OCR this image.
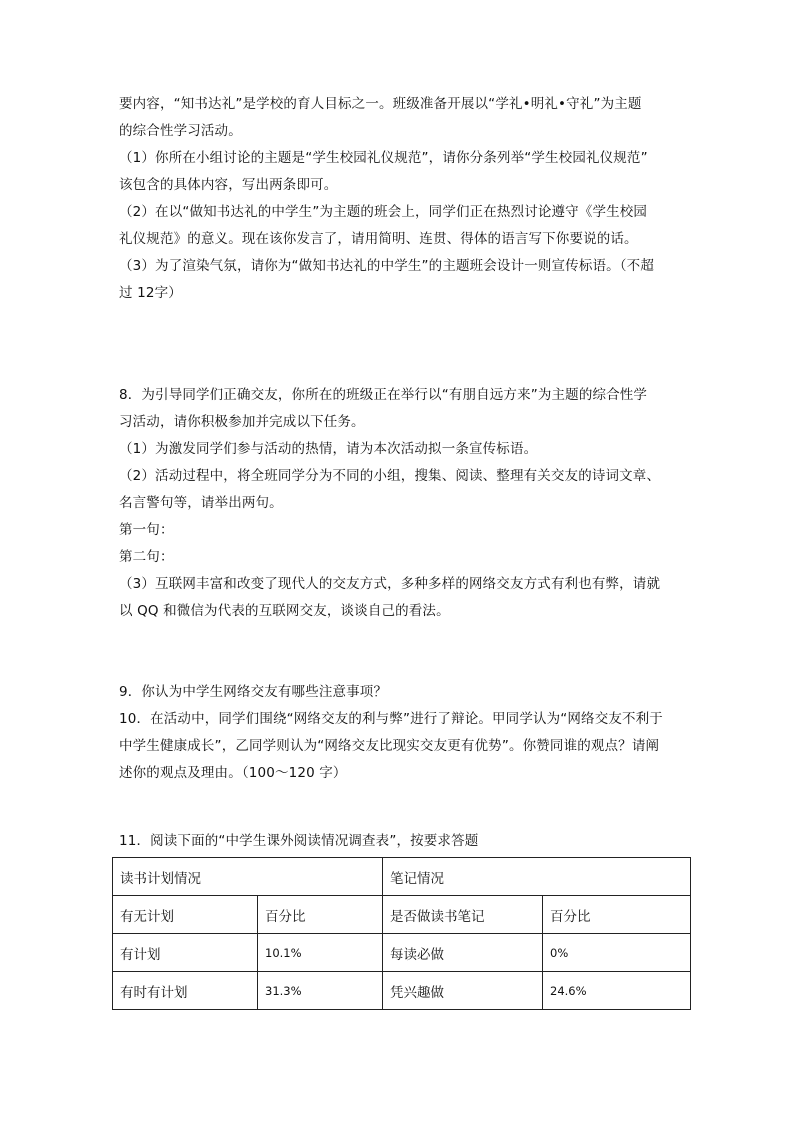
要内容，“知书达礼”是学校的育人目标之一。班级准备开展以“学礼•明礼•守礼”为主题

的综合性学习活动。

（1）你所在小组讨论的主题是“学生校园礼仪规范”，请你分条列举“学生校园礼仪规范”

该包含的具体内容，写出两条即可。

（2）在以“做知书达礼的中学生”为主题的班会上，同学们正在热烈讨论遵守《学生校园

礼仪规范》的意义。现在该你发言了，请用简明、连贯、得体的语言写下你要说的话。

（3）为了渲染气氛，请你为“做知书达礼的中学生”的主题班会设计一则宣传标语。（不超

过 12字）

8．为引导同学们正确交友，你所在的班级正在举行以“有朋自远方来”为主题的综合性学

习活动，请你积极参加并完成以下任务。

（1）为激发同学们参与活动的热情，请为本次活动拟一条宣传标语。

（2）活动过程中，将全班同学分为不同的小组，搜集、阅读、整理有关交友的诗词文章、

名言警句等，请举出两句。

第一句：

第二句：

（3）互联网丰富和改变了现代人的交友方式，多种多样的网络交友方式有利也有弊，请就

以 QQ 和微信为代表的互联网交友，谈谈自己的看法。

9．你认为中学生网络交友有哪些注意事项？

10．在活动中，同学们围绕“网络交友的利与弊”进行了辩论。甲同学认为“网络交友不利于

中学生健康成长”，乙同学则认为“网络交友比现实交友更有优势”。你赞同谁的观点？请阐

述你的观点及理由。（100～120 字）

11．阅读下面的“中学生课外阅读情况调查表”，按要求答题

读书计划情况		笔记情况	
有无计划	百分比	是否做读书笔记	百分比
有计划	10.1%	每读必做	0%
有时有计划	31.3%	凭兴趣做	24.6%
